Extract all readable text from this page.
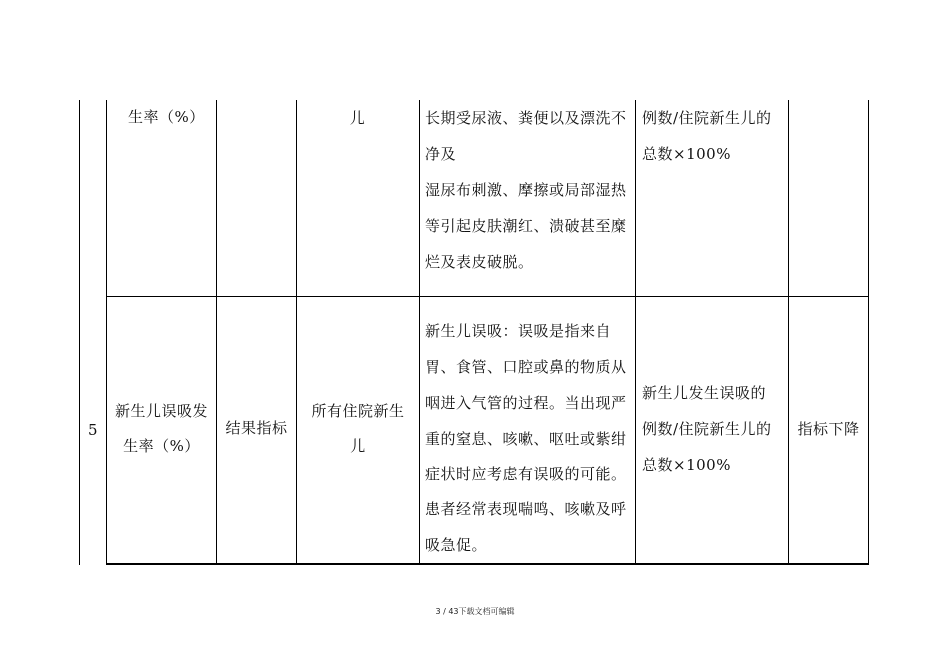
生率（%）	儿	长期受尿液、粪便以及漂洗不
净及
湿尿布刺激、摩擦或局部湿热
等引起皮肤潮红、溃破甚至糜
烂及表皮破脱。
例数/住院新生儿的
总数×100%
5
新生儿误吸发
生率（%）
结果指标
所有住院新生
儿
新生儿误吸：误吸是指来自
胃、食管、口腔或鼻的物质从
咽进入气管的过程。当出现严
重的窒息、咳嗽、呕吐或紫绀
症状时应考虑有误吸的可能。
患者经常表现喘鸣、咳嗽及呼
吸急促。
新生儿发生误吸的
例数/住院新生儿的
总数×100%
指标下降
3 / 43下载文档可编辑
